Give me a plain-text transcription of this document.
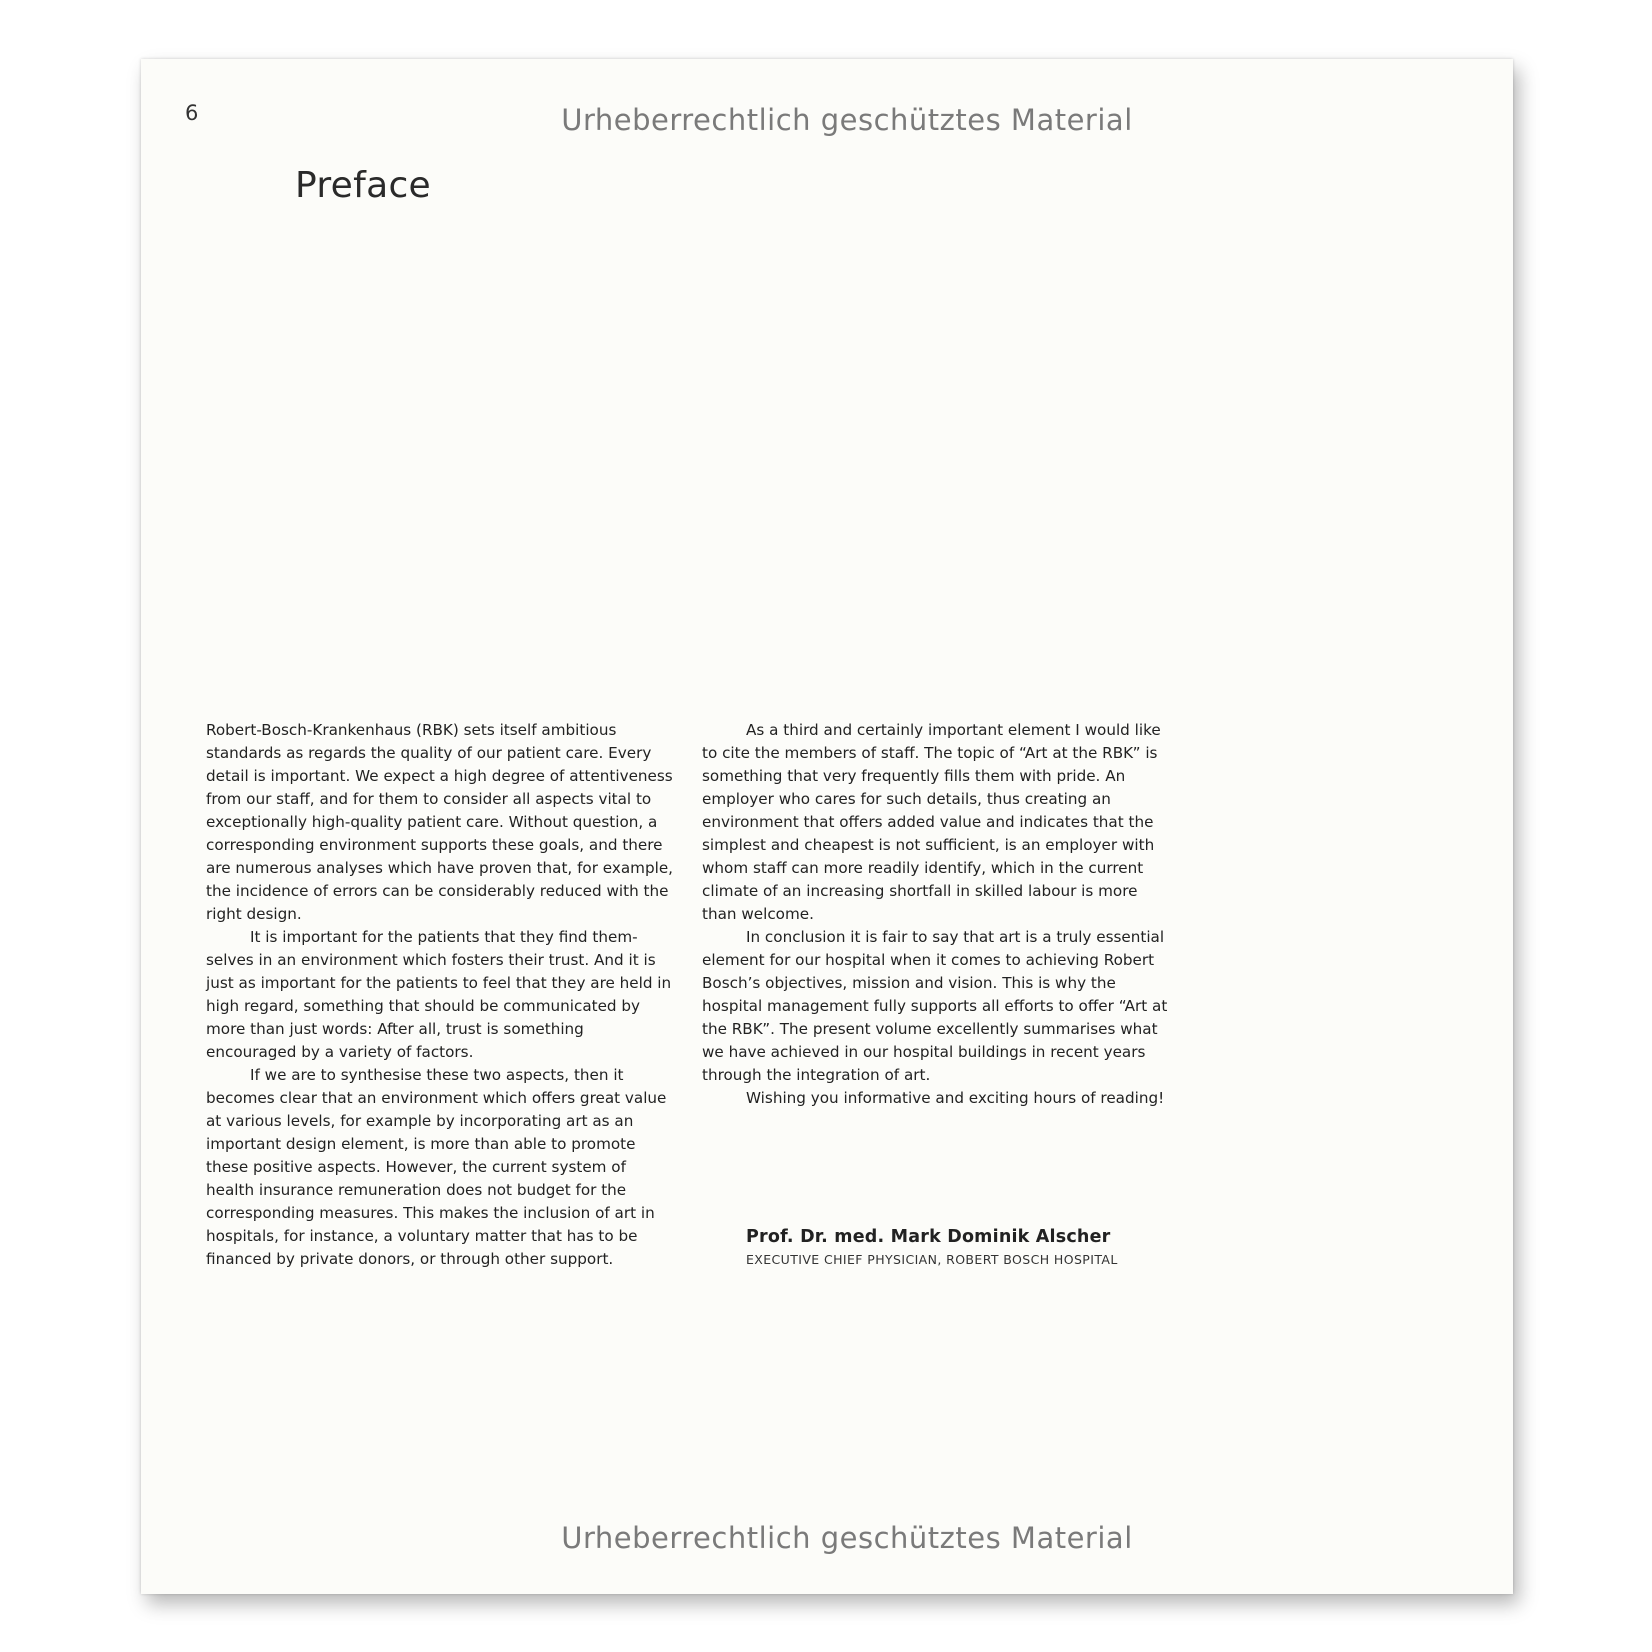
6	Urheberrechtlich geschütztes Material
Preface

Robert-Bosch-Krankenhaus (RBK) sets itself ambitious standards as regards the quality of our patient care. Every detail is important. We expect a high degree of attentiveness from our staff, and for them to consider all aspects vital to exceptionally high-quality patient care. Without question, a corresponding environment supports these goals, and there are numerous analyses which have proven that, for example, the incidence of errors can be considerably reduced with the right design.

It is important for the patients that they find themselves in an environment which fosters their trust. And it is just as important for the patients to feel that they are held in high regard, something that should be communicated by more than just words: After all, trust is something encouraged by a variety of factors.

If we are to synthesise these two aspects, then it becomes clear that an environment which offers great value at various levels, for example by incorporating art as an important design element, is more than able to promote these positive aspects. However, the current system of health insurance remuneration does not budget for the corresponding measures. This makes the inclusion of art in hospitals, for instance, a voluntary matter that has to be financed by private donors, or through other support.

As a third and certainly important element I would like to cite the members of staff. The topic of “Art at the RBK” is something that very frequently fills them with pride. An employer who cares for such details, thus creating an environment that offers added value and indicates that the simplest and cheapest is not sufficient, is an employer with whom staff can more readily identify, which in the current climate of an increasing shortfall in skilled labour is more than welcome.

In conclusion it is fair to say that art is a truly essential element for our hospital when it comes to achieving Robert Bosch’s objectives, mission and vision. This is why the hospital management fully supports all efforts to offer “Art at the RBK”. The present volume excellently summarises what we have achieved in our hospital buildings in recent years through the integration of art.

Wishing you informative and exciting hours of reading!

Prof. Dr. med. Mark Dominik Alscher
EXECUTIVE CHIEF PHYSICIAN, ROBERT BOSCH HOSPITAL
Urheberrechtlich geschütztes Material
